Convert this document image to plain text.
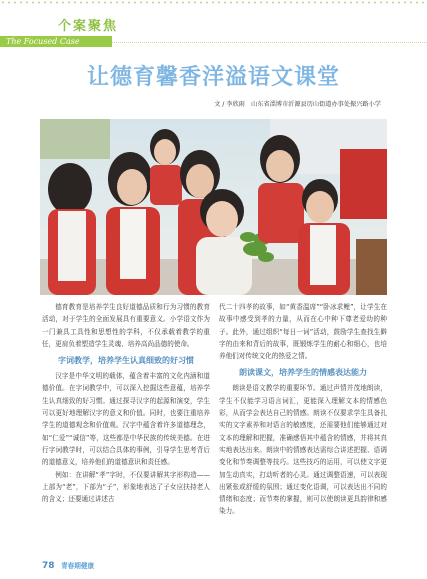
个案聚焦
The Focused Case
让德育馨香洋溢语文课堂
文 / 李欣雨　山东省淄博市沂源县历山街道办事处振兴路小学

德育教育是培养学生良好道德品质和行为习惯的教育活动，对于学生的全面发展具有重要意义。小学语文作为一门兼具工具性和思想性的学科，不仅承载着教学的重任，更肩负着塑造学生灵魂、培养高尚品德的使命。

字词教学，培养学生认真细致的好习惯

汉字是中华文明的载体，蕴含着丰富的文化内涵和道德价值。在字词教学中，可以深入挖掘这些意蕴，培养学生认真细致的好习惯。通过探寻汉字的起源和演变，学生可以更好地理解汉字的意义和价值。同时，也要注重培养学生的道德观念和价值观。汉字中蕴含着许多道德理念，如“仁爱”“诚信”等，这些都是中华民族的传统美德。在进行字词教学时，可以结合具体的事例，引导学生思考背后的道德意义，培养他们的道德意识和责任感。

例如：在讲解“孝”字时，不仅要讲解其字形构造——上部为“老”，下部为“子”，形象地表达了子女应扶持老人的含义；还要通过讲述古

代二十四孝的故事，如“黄香温席”“卧冰求鲤”，让学生在故事中感受到孝的力量，从而在心中种下尊老爱幼的种子。此外，通过组织“每日一词”活动，鼓励学生查找生僻字的由来和背后的故事，既锻炼学生的耐心和细心，也培养他们对传统文化的热爱之情。

朗读课文，培养学生的情感表达能力

朗读是语文教学的重要环节。通过声情并茂地朗读，学生不仅能学习语言词汇，更能深入理解文本的情感色彩，从而学会表达自己的情感。朗读不仅要求学生具备扎实的文字素养和对语言的敏感度，还需要他们能够通过对文本的理解和把握，准确感悟其中蕴含的情感，并将其真实地表达出来。朗读中的情感表达需综合讲述把握、语调变化和节奏调整等技巧。这些技巧的运用，可以使文字更加生动真实，打动听者的心灵。通过调整语速，可以表现出紧张或舒缓的氛围；通过变化语调，可以表达出不同的情绪和态度；而节奏的掌握，则可以使朗读更具韵律和感染力。

78 青春期健康
